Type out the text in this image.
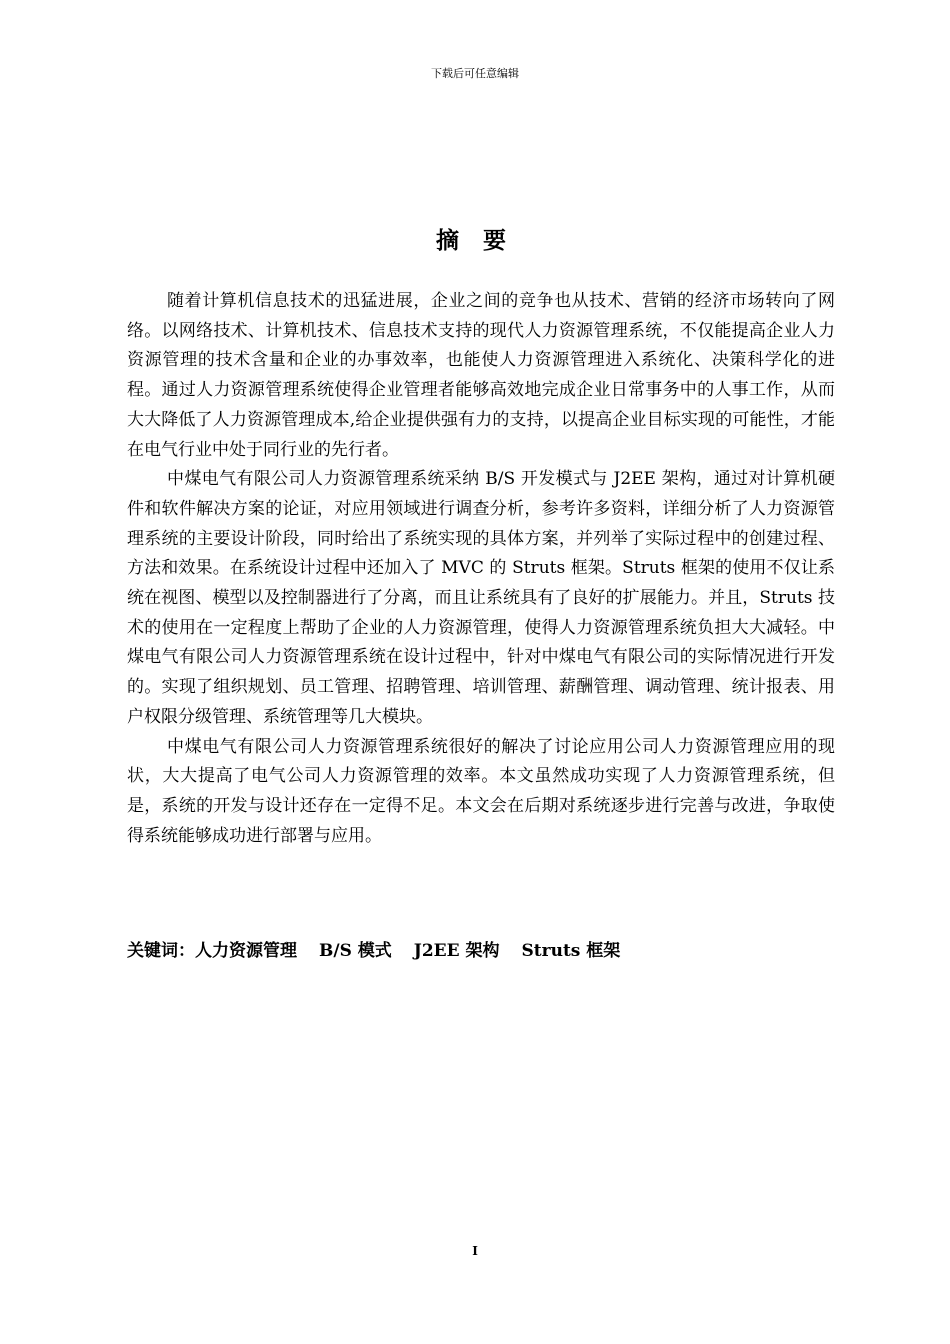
下载后可任意编辑
摘 要

随着计算机信息技术的迅猛进展，企业之间的竞争也从技术、营销的经济市场转向了网络。以网络技术、计算机技术、信息技术支持的现代人力资源管理系统，不仅能提高企业人力资源管理的技术含量和企业的办事效率，也能使人力资源管理进入系统化、决策科学化的进程。通过人力资源管理系统使得企业管理者能够高效地完成企业日常事务中的人事工作，从而大大降低了人力资源管理成本,给企业提供强有力的支持，以提高企业目标实现的可能性，才能在电气行业中处于同行业的先行者。

中煤电气有限公司人力资源管理系统采纳 B/S 开发模式与 J2EE 架构，通过对计算机硬件和软件解决方案的论证，对应用领域进行调查分析，参考许多资料，详细分析了人力资源管理系统的主要设计阶段，同时给出了系统实现的具体方案，并列举了实际过程中的创建过程、方法和效果。在系统设计过程中还加入了 MVC 的 Struts 框架。Struts 框架的使用不仅让系统在视图、模型以及控制器进行了分离，而且让系统具有了良好的扩展能力。并且，Struts 技术的使用在一定程度上帮助了企业的人力资源管理，使得人力资源管理系统负担大大减轻。中煤电气有限公司人力资源管理系统在设计过程中，针对中煤电气有限公司的实际情况进行开发的。实现了组织规划、员工管理、招聘管理、培训管理、薪酬管理、调动管理、统计报表、用户权限分级管理、系统管理等几大模块。

中煤电气有限公司人力资源管理系统很好的解决了讨论应用公司人力资源管理应用的现状，大大提高了电气公司人力资源管理的效率。本文虽然成功实现了人力资源管理系统，但是，系统的开发与设计还存在一定得不足。本文会在后期对系统逐步进行完善与改进，争取使得系统能够成功进行部署与应用。

关键词：人力资源管理 B/S 模式 J2EE 架构 Struts 框架
I
